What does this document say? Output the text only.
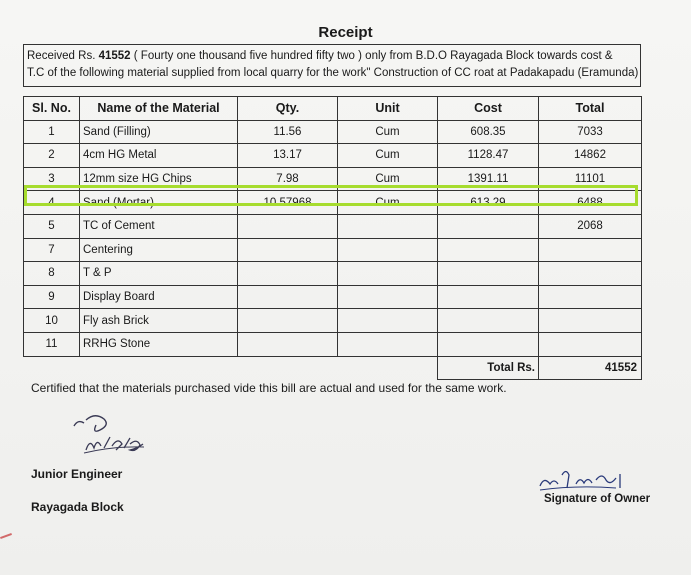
Receipt
Received Rs. 41552 ( Fourty one thousand five hundred fifty two ) only from B.D.O Rayagada Block towards cost &
T.C of the following material supplied from local quarry for the work" Construction of CC roat at Padakapadu (Eramunda)
Sl. No.	Name of the Material	Qty.	Unit	Cost	Total
1	Sand (Filling)	11.56	Cum	608.35	7033
2	4cm HG Metal	13.17	Cum	1128.47	14862
3	12mm size HG Chips	7.98	Cum	1391.11	11101
4	Sand (Mortar)	10.57968	Cum	613.29	6488
5	TC of Cement				2068
7	Centering				
8	T & P				
9	Display Board				
10	Fly ash Brick				
11	RRHG Stone				
				Total Rs.	41552
Certified that the materials purchased vide this bill are actual and used for the same work.
Junior Engineer
Rayagada Block
Signature of Owner
